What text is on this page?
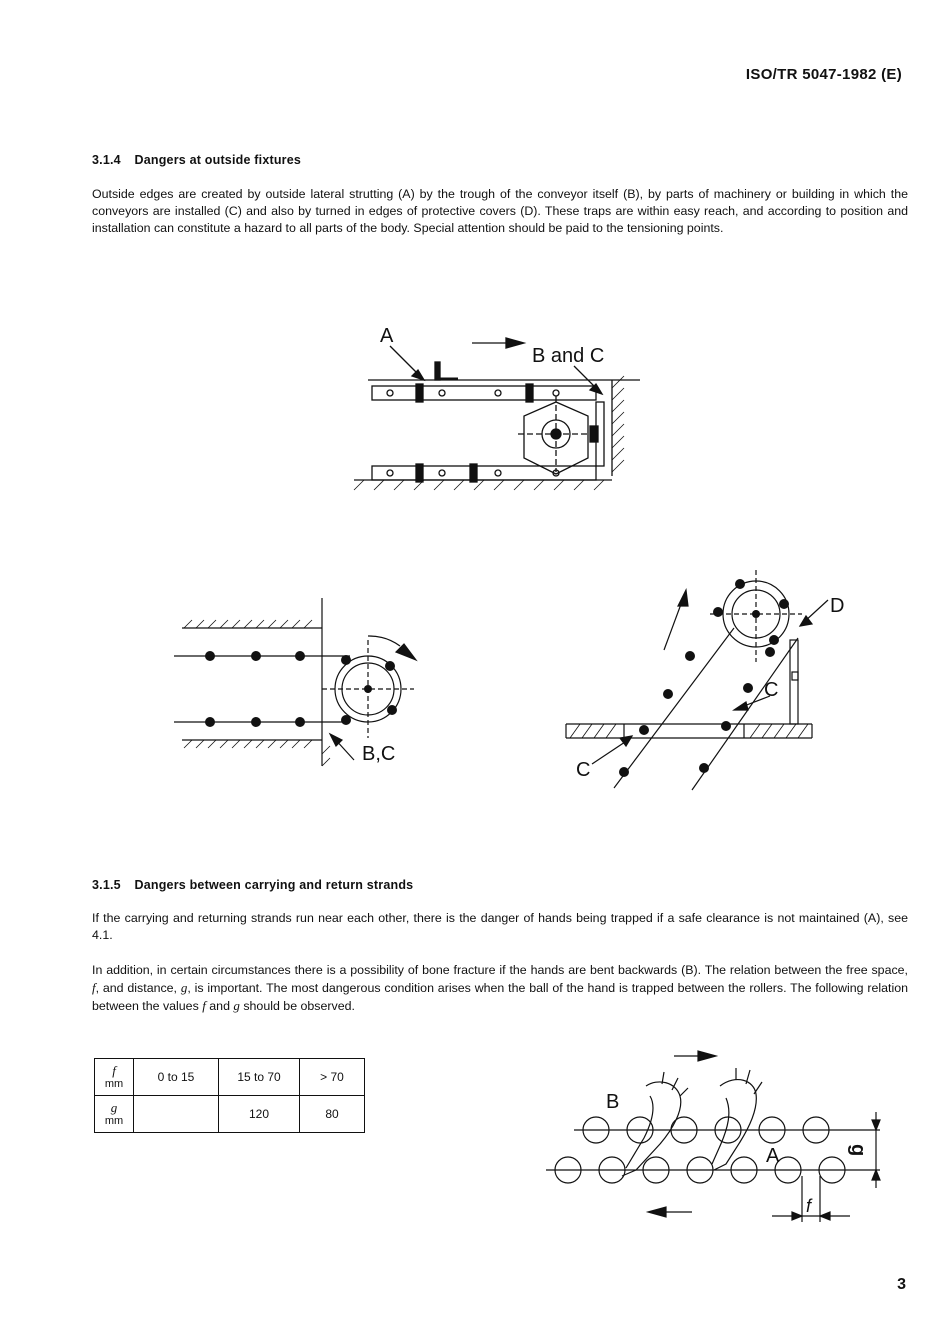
ISO/TR 5047-1982 (E)
3.1.4 Dangers at outside fixtures
Outside edges are created by outside lateral strutting (A) by the trough of the conveyor itself (B), by parts of machinery or building in which the conveyors are installed (C) and also by turned in edges of protective covers (D). These traps are within easy reach, and according to position and installation can constitute a hazard to all parts of the body. Special attention should be paid to the tensioning points.
A
B and C
B,C
D
C
C
3.1.5 Dangers between carrying and return strands
If the carrying and returning strands run near each other, there is the danger of hands being trapped if a safe clearance is not maintained (A), see 4.1.
In addition, in certain circumstances there is a possibility of bone fracture if the hands are bent backwards (B). The relation between the free space, f, and distance, g, is important. The most dangerous condition arises when the ball of the hand is trapped between the rollers. The following relation between the values f and g should be observed.
f
mm	0 to 15	15 to 70	> 70
g
mm		120	80
B
A	g
f
3
